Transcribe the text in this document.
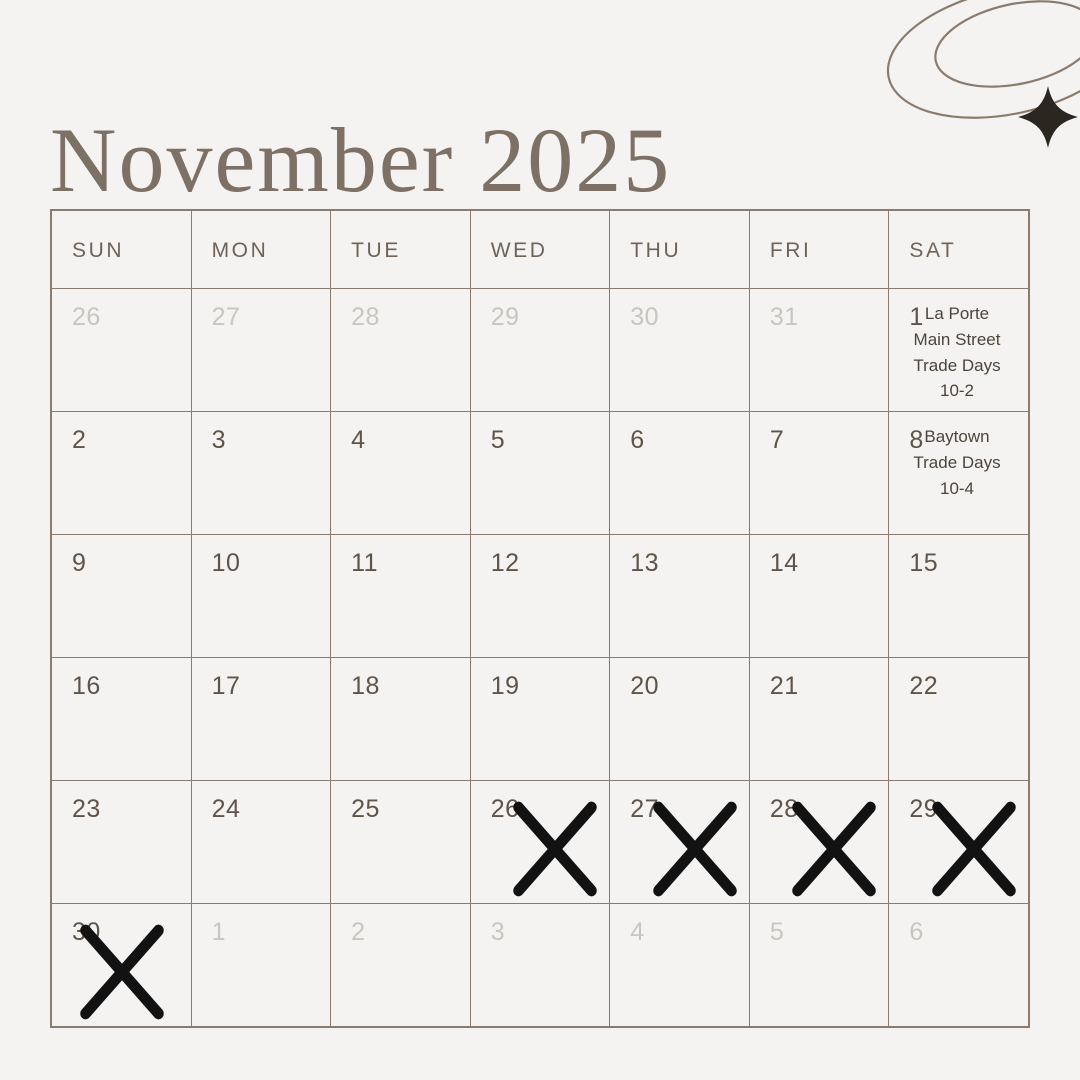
November 2025
SUN	MON	TUE	WED	THU	FRI	SAT

26	27	28	29	30	31	1 La Porte
Main Street
Trade Days
10-2

2	3	4	5	6	7	8 Baytown
Trade Days
10-4

9	10	11	12	13	14	15

16	17	18	19	20	21	22

23	24	25	26	27	28	29

30	1	2	3	4	5	6
